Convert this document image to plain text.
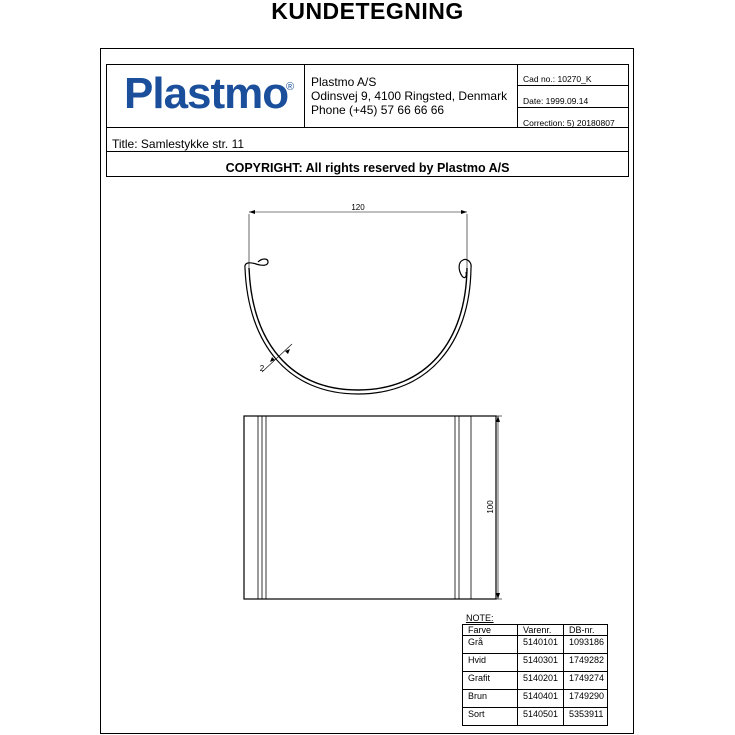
KUNDETEGNING
Plastmo
® Plastmo A/S
Odinsvej 9, 4100 Ringsted, Denmark
Phone (+45) 57 66 66 66
Cad no.: 10270_K
Date: 1999.09.14
Correction: 5) 20180807
Title: Samlestykke str. 11
COPYRIGHT: All rights reserved by Plastmo A/S
120
2
100
NOTE:
Farve	Varenr.	DB-nr.
Grå	5140101	1093186
Hvid	5140301	1749282
Grafit	5140201	1749274
Brun	5140401	1749290
Sort	5140501	5353911
